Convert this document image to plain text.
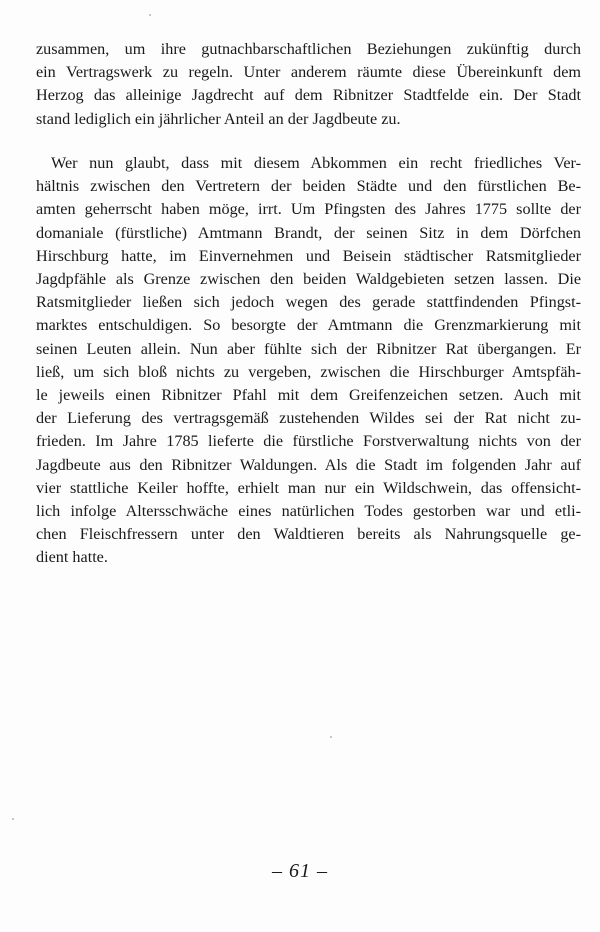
zusammen, um ihre gutnachbarschaftlichen Beziehungen zukünftig durch
ein Vertragswerk zu regeln. Unter anderem räumte diese Übereinkunft dem
Herzog das alleinige Jagdrecht auf dem Ribnitzer Stadtfelde ein. Der Stadt
stand lediglich ein jährlicher Anteil an der Jagdbeute zu.

Wer nun glaubt, dass mit diesem Abkommen ein recht friedliches Ver-
hältnis zwischen den Vertretern der beiden Städte und den fürstlichen Be-
amten geherrscht haben möge, irrt. Um Pfingsten des Jahres 1775 sollte der
domaniale (fürstliche) Amtmann Brandt, der seinen Sitz in dem Dörfchen
Hirschburg hatte, im Einvernehmen und Beisein städtischer Ratsmitglieder
Jagdpfähle als Grenze zwischen den beiden Waldgebieten setzen lassen. Die
Ratsmitglieder ließen sich jedoch wegen des gerade stattfindenden Pfingst-
marktes entschuldigen. So besorgte der Amtmann die Grenzmarkierung mit
seinen Leuten allein. Nun aber fühlte sich der Ribnitzer Rat übergangen. Er
ließ, um sich bloß nichts zu vergeben, zwischen die Hirschburger Amtspfäh-
le jeweils einen Ribnitzer Pfahl mit dem Greifenzeichen setzen. Auch mit
der Lieferung des vertragsgemäß zustehenden Wildes sei der Rat nicht zu-
frieden. Im Jahre 1785 lieferte die fürstliche Forstverwaltung nichts von der
Jagdbeute aus den Ribnitzer Waldungen. Als die Stadt im folgenden Jahr auf
vier stattliche Keiler hoffte, erhielt man nur ein Wildschwein, das offensicht-
lich infolge Altersschwäche eines natürlichen Todes gestorben war und etli-
chen Fleischfressern unter den Waldtieren bereits als Nahrungsquelle ge-
dient hatte.

– 61 –
